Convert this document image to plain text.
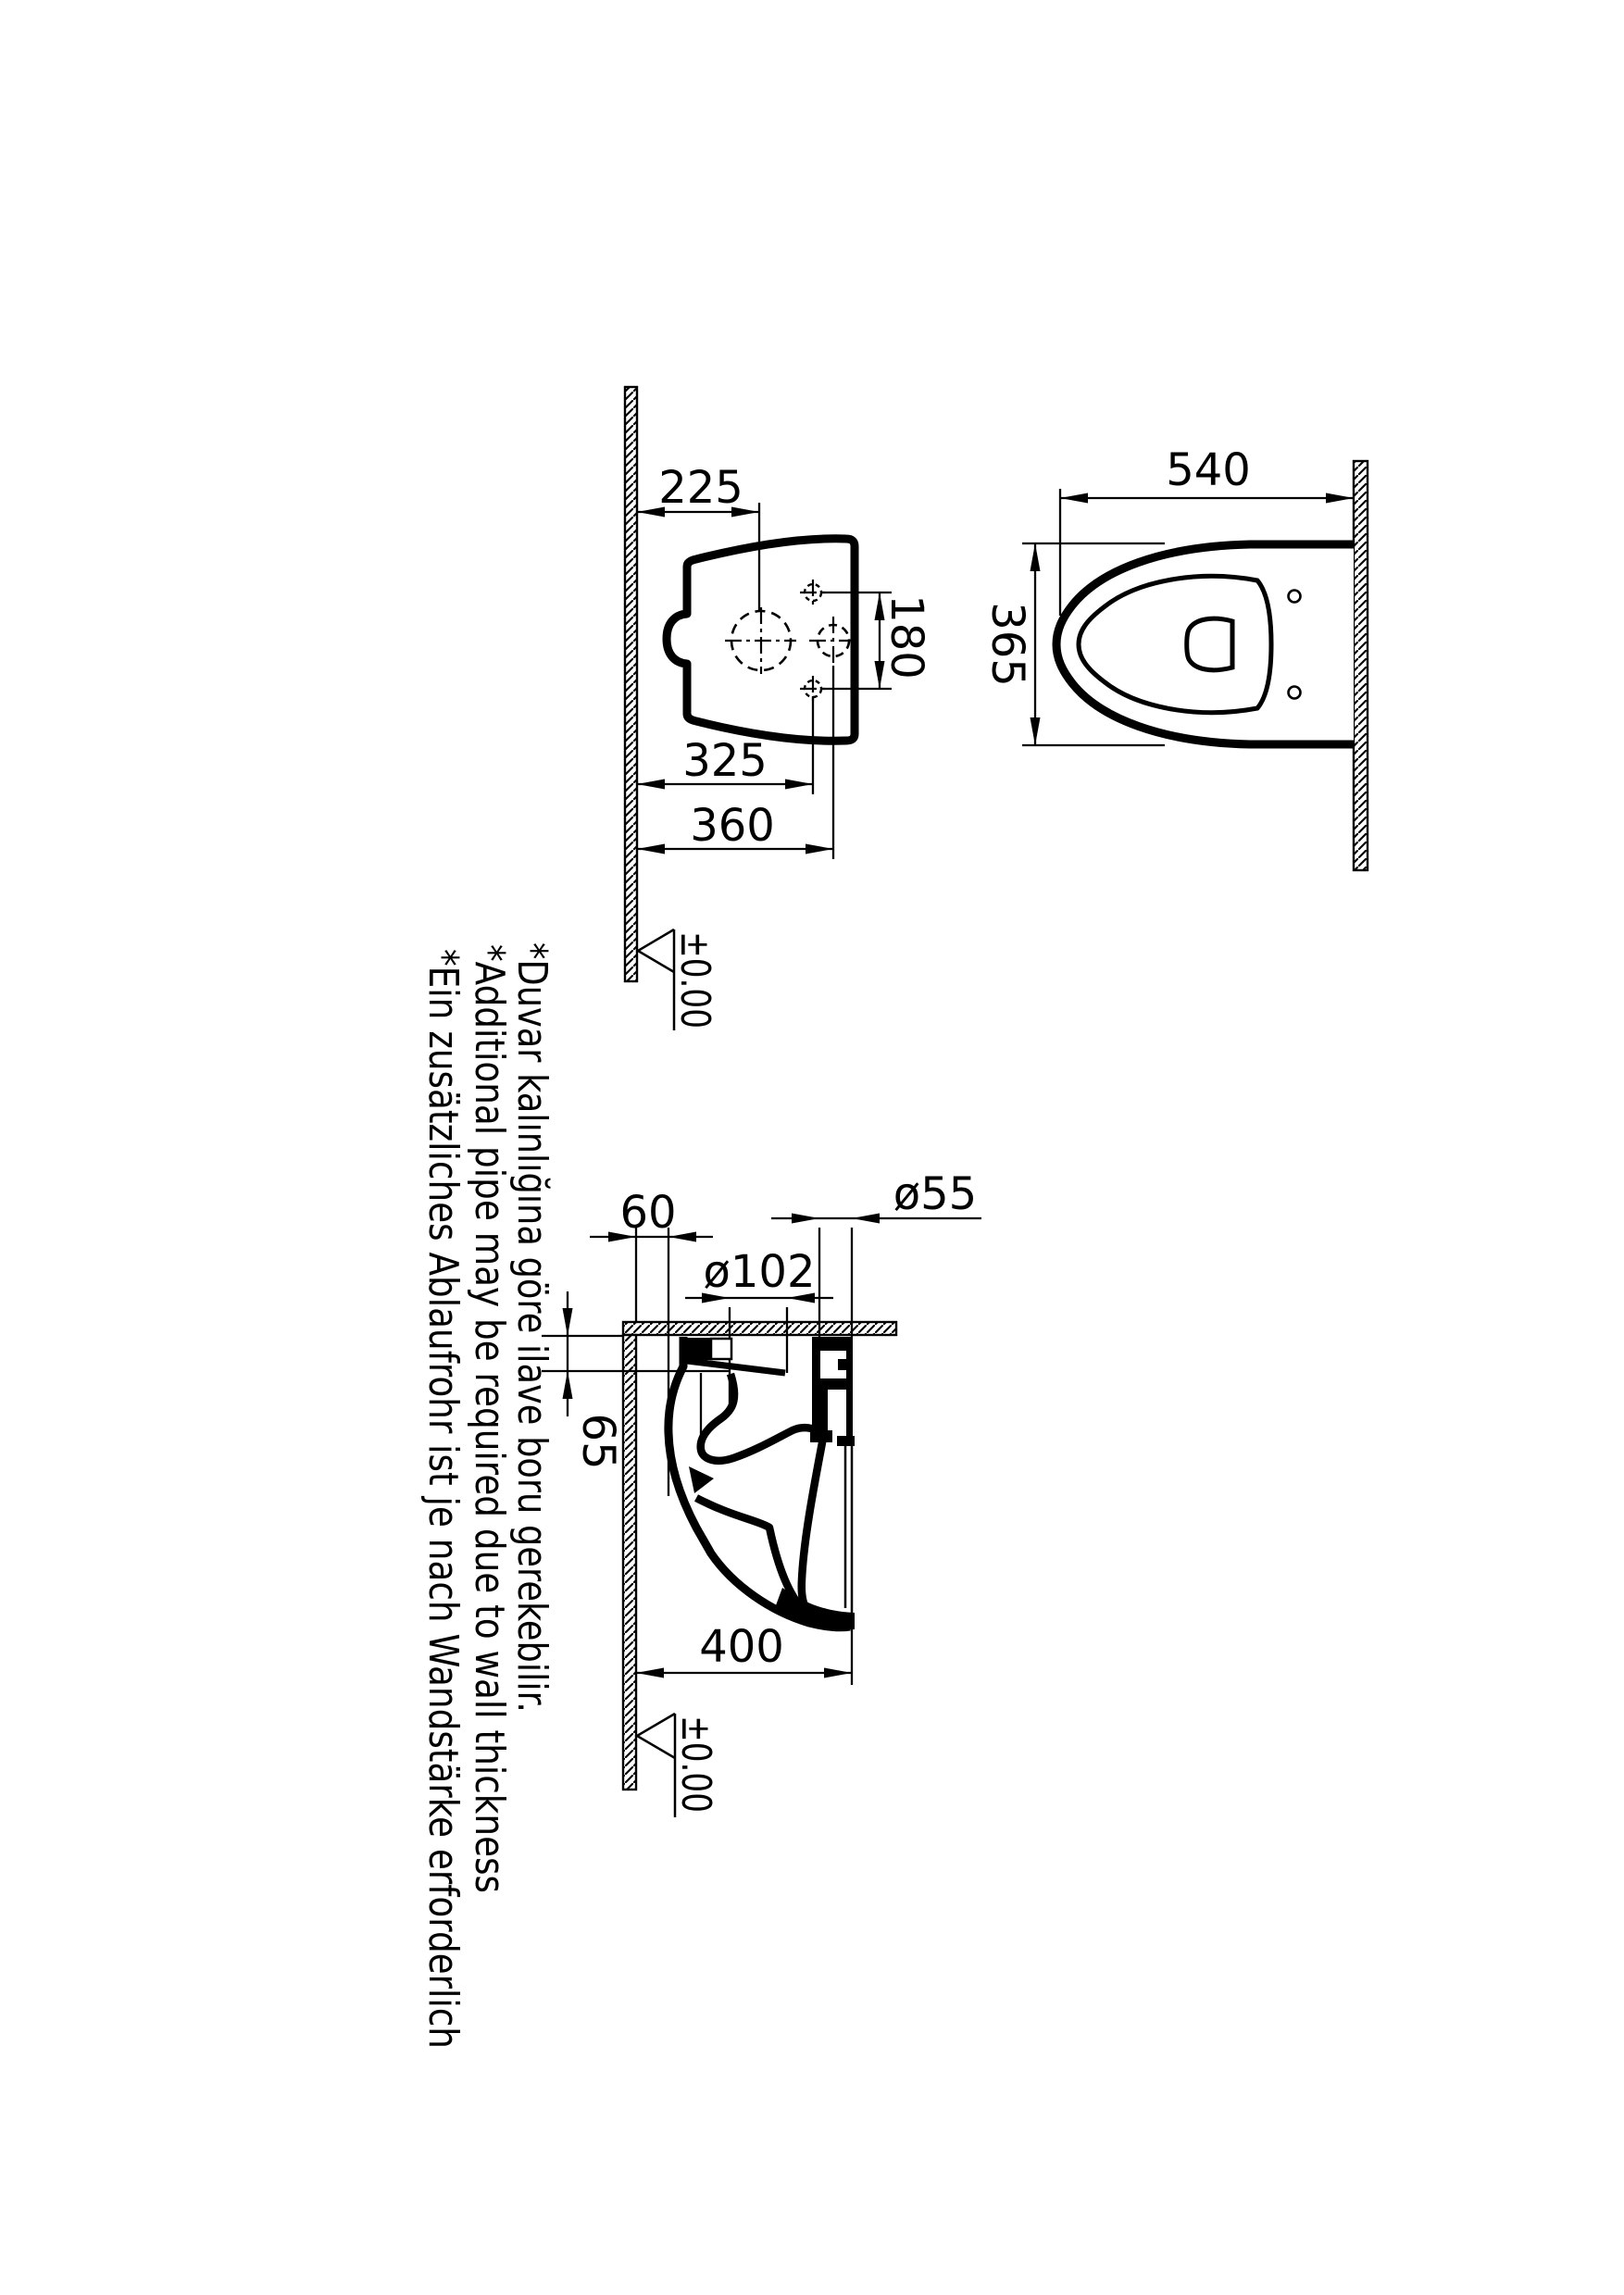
225
180
325
360
±0.00
540
365
60
ø102
ø55
65
400
±0.00
*Duvar kalınlığına göre ilave boru gerekebilir.
*Additional pipe may be required due to wall thickness
*Ein zusätzliches Ablaufrohr ist je nach Wandstärke erforderlich
